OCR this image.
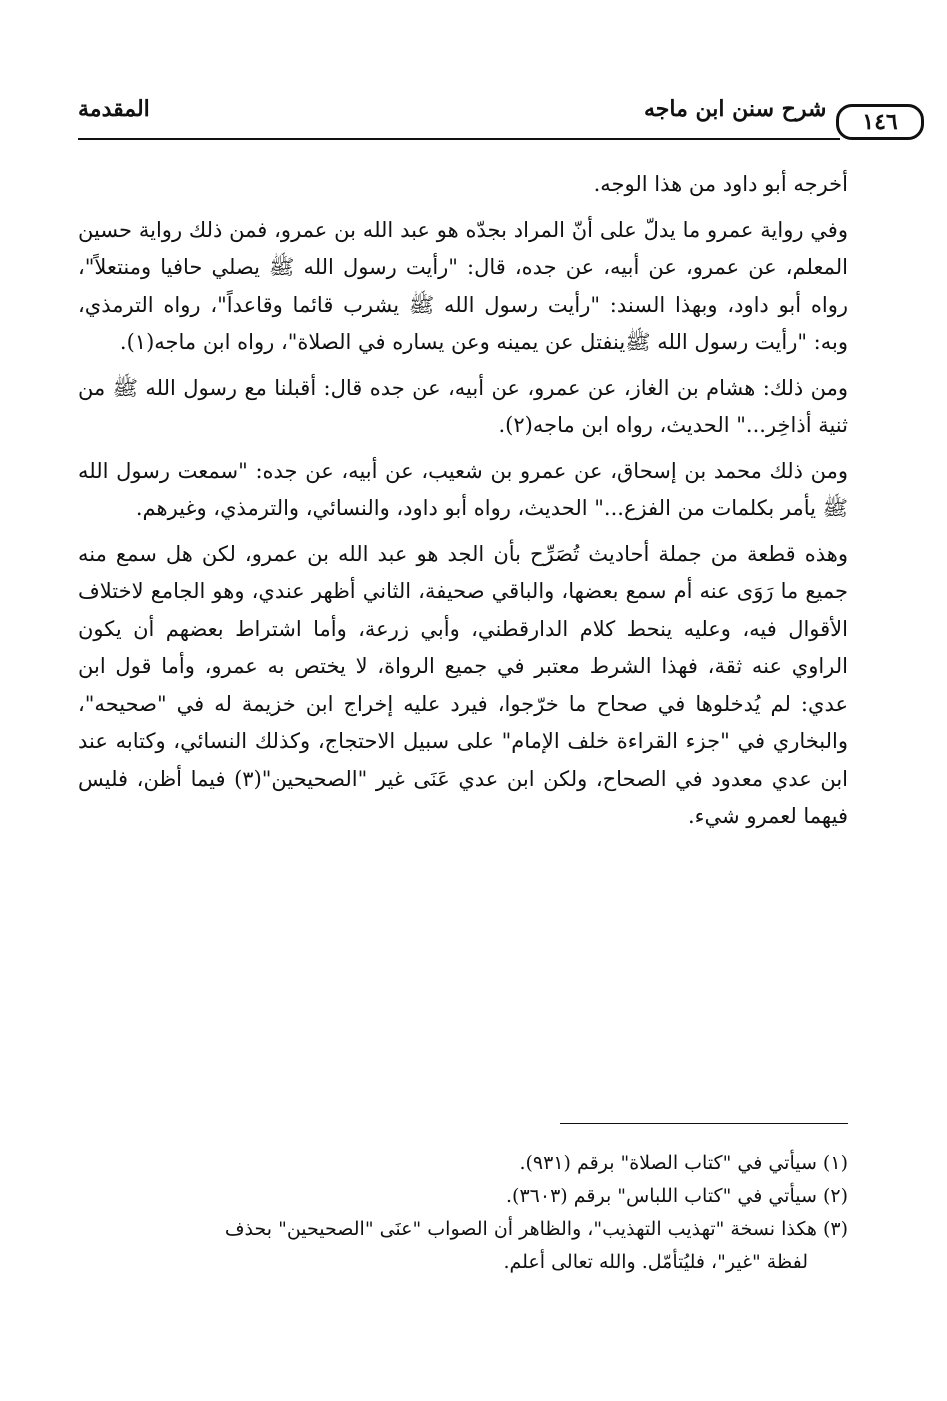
المقدمة	شرح سنن ابن ماجه	١٤٦

أخرجه أبو داود من هذا الوجه.

وفي رواية عمرو ما يدلّ على أنّ المراد بجدّه هو عبد الله بن عمرو، فمن ذلك رواية حسين المعلم، عن عمرو، عن أبيه، عن جده، قال: "رأيت رسول الله ﷺ يصلي حافيا ومنتعلاً"، رواه أبو داود، وبهذا السند: "رأيت رسول الله ﷺ يشرب قائما وقاعداً"، رواه الترمذي، وبه: "رأيت رسول الله ﷺينفتل عن يمينه وعن يساره في الصلاة"، رواه ابن ماجه(١).

ومن ذلك: هشام بن الغاز، عن عمرو، عن أبيه، عن جده قال: أقبلنا مع رسول الله ﷺ من ثنية أذاخِر..." الحديث، رواه ابن ماجه(٢).

ومن ذلك محمد بن إسحاق، عن عمرو بن شعيب، عن أبيه، عن جده: "سمعت رسول الله ﷺ يأمر بكلمات من الفزع..." الحديث، رواه أبو داود، والنسائي، والترمذي، وغيرهم.

وهذه قطعة من جملة أحاديث تُصَرِّح بأن الجد هو عبد الله بن عمرو، لكن هل سمع منه جميع ما رَوَى عنه أم سمع بعضها، والباقي صحيفة، الثاني أظهر عندي، وهو الجامع لاختلاف الأقوال فيه، وعليه ينحط كلام الدارقطني، وأبي زرعة، وأما اشتراط بعضهم أن يكون الراوي عنه ثقة، فهذا الشرط معتبر في جميع الرواة، لا يختص به عمرو، وأما قول ابن عدي: لم يُدخلوها في صحاح ما خرّجوا، فيرد عليه إخراج ابن خزيمة له في "صحيحه"، والبخاري في "جزء القراءة خلف الإمام" على سبيل الاحتجاج، وكذلك النسائي، وكتابه عند ابن عدي معدود في الصحاح، ولكن ابن عدي عَنَى غير "الصحيحين"(٣) فيما أظن، فليس فيهما لعمرو شيء.

(١) سيأتي في "كتاب الصلاة" برقم (٩٣١).

(٢) سيأتي في "كتاب اللباس" برقم (٣٦٠٣).

(٣) هكذا نسخة "تهذيب التهذيب"، والظاهر أن الصواب "عنَى "الصحيحين" بحذف

لفظة "غير"، فليُتأمّل. والله تعالى أعلم.
